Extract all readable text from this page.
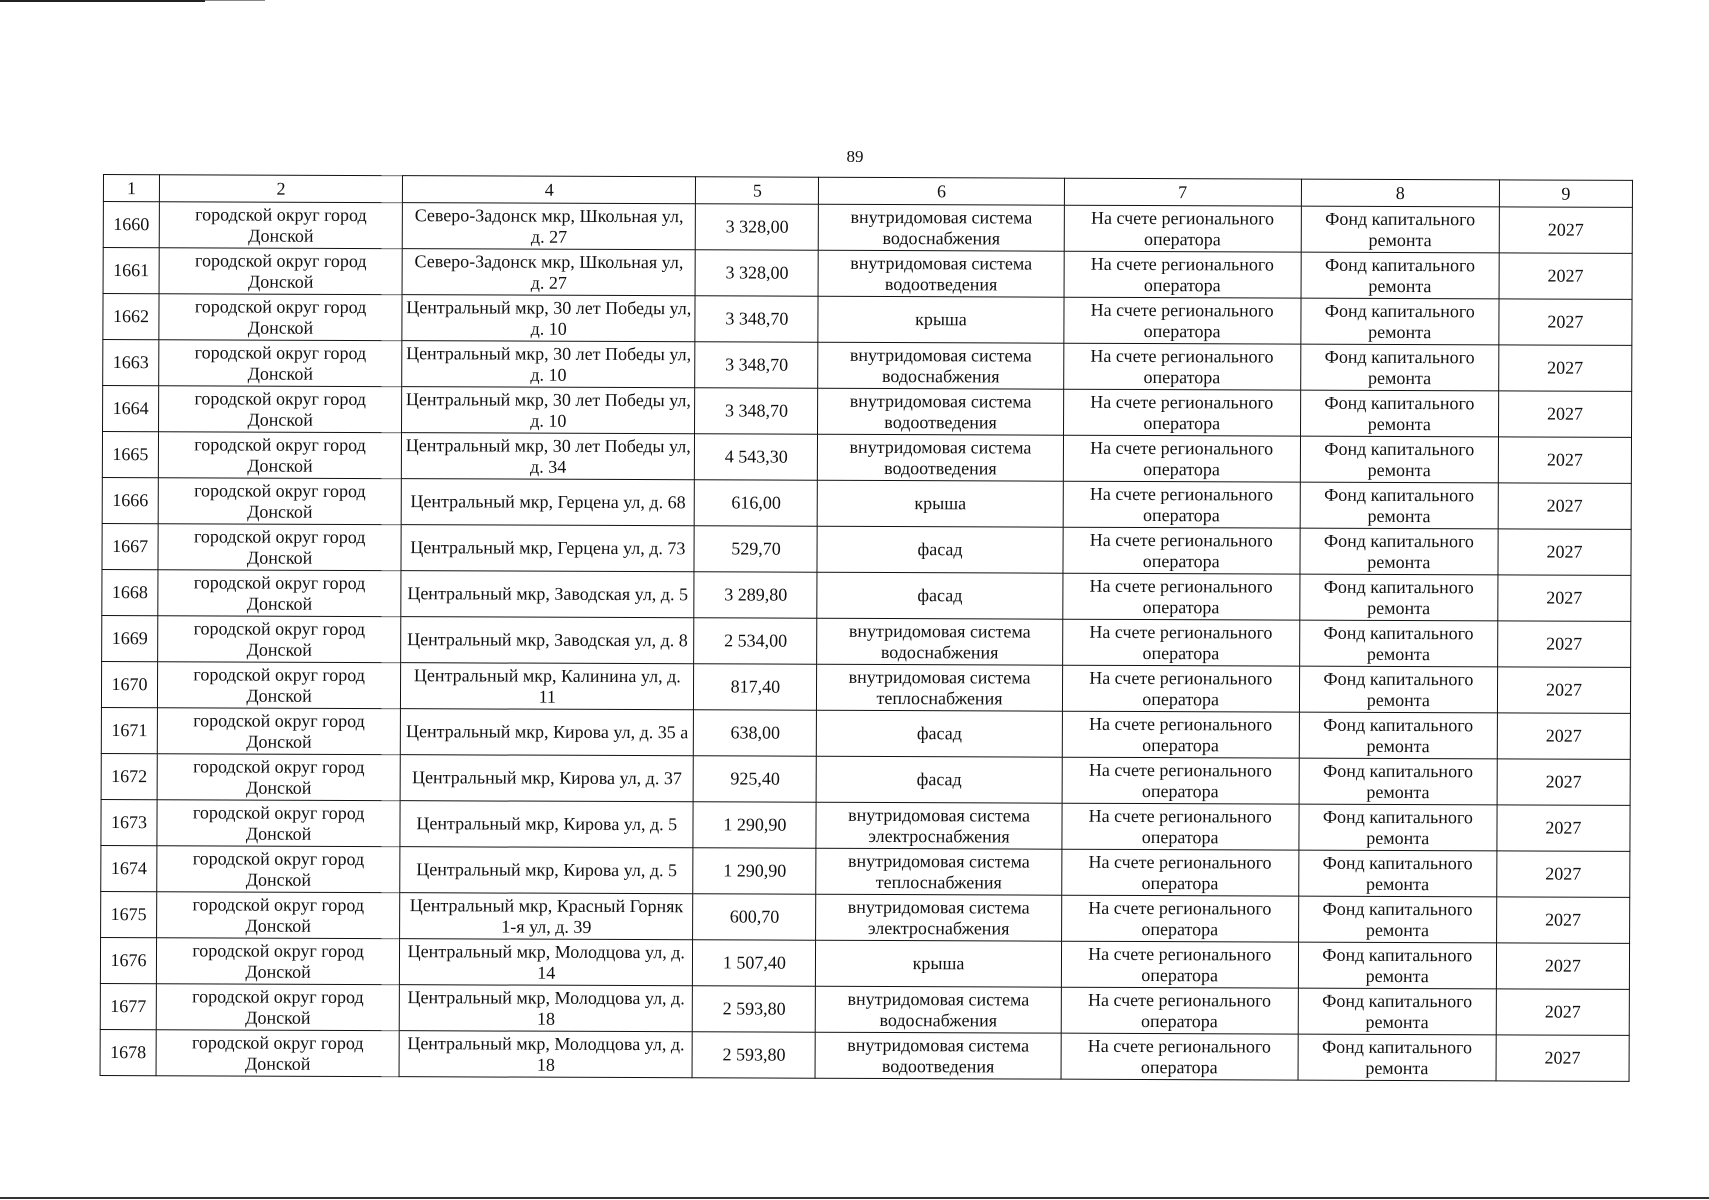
89
1	2	4	5	6	7	8	9
1660	городской округ город Донской	Северо-Задонск мкр, Школьная ул, д. 27	3 328,00	внутридомовая система водоснабжения	На счете регионального оператора	Фонд капитального ремонта	2027
1661	городской округ город Донской	Северо-Задонск мкр, Школьная ул, д. 27	3 328,00	внутридомовая система водоотведения	На счете регионального оператора	Фонд капитального ремонта	2027
1662	городской округ город Донской	Центральный мкр, 30 лет Победы ул, д. 10	3 348,70	крыша	На счете регионального оператора	Фонд капитального ремонта	2027
1663	городской округ город Донской	Центральный мкр, 30 лет Победы ул, д. 10	3 348,70	внутридомовая система водоснабжения	На счете регионального оператора	Фонд капитального ремонта	2027
1664	городской округ город Донской	Центральный мкр, 30 лет Победы ул, д. 10	3 348,70	внутридомовая система водоотведения	На счете регионального оператора	Фонд капитального ремонта	2027
1665	городской округ город Донской	Центральный мкр, 30 лет Победы ул, д. 34	4 543,30	внутридомовая система водоотведения	На счете регионального оператора	Фонд капитального ремонта	2027
1666	городской округ город Донской	Центральный мкр, Герцена ул, д. 68	616,00	крыша	На счете регионального оператора	Фонд капитального ремонта	2027
1667	городской округ город Донской	Центральный мкр, Герцена ул, д. 73	529,70	фасад	На счете регионального оператора	Фонд капитального ремонта	2027
1668	городской округ город Донской	Центральный мкр, Заводская ул, д. 5	3 289,80	фасад	На счете регионального оператора	Фонд капитального ремонта	2027
1669	городской округ город Донской	Центральный мкр, Заводская ул, д. 8	2 534,00	внутридомовая система водоснабжения	На счете регионального оператора	Фонд капитального ремонта	2027
1670	городской округ город Донской	Центральный мкр, Калинина ул, д. 11	817,40	внутридомовая система теплоснабжения	На счете регионального оператора	Фонд капитального ремонта	2027
1671	городской округ город Донской	Центральный мкр, Кирова ул, д. 35 а	638,00	фасад	На счете регионального оператора	Фонд капитального ремонта	2027
1672	городской округ город Донской	Центральный мкр, Кирова ул, д. 37	925,40	фасад	На счете регионального оператора	Фонд капитального ремонта	2027
1673	городской округ город Донской	Центральный мкр, Кирова ул, д. 5	1 290,90	внутридомовая система электроснабжения	На счете регионального оператора	Фонд капитального ремонта	2027
1674	городской округ город Донской	Центральный мкр, Кирова ул, д. 5	1 290,90	внутридомовая система теплоснабжения	На счете регионального оператора	Фонд капитального ремонта	2027
1675	городской округ город Донской	Центральный мкр, Красный Горняк 1-я ул, д. 39	600,70	внутридомовая система электроснабжения	На счете регионального оператора	Фонд капитального ремонта	2027
1676	городской округ город Донской	Центральный мкр, Молодцова ул, д. 14	1 507,40	крыша	На счете регионального оператора	Фонд капитального ремонта	2027
1677	городской округ город Донской	Центральный мкр, Молодцова ул, д. 18	2 593,80	внутридомовая система водоснабжения	На счете регионального оператора	Фонд капитального ремонта	2027
1678	городской округ город Донской	Центральный мкр, Молодцова ул, д. 18	2 593,80	внутридомовая система водоотведения	На счете регионального оператора	Фонд капитального ремонта	2027
